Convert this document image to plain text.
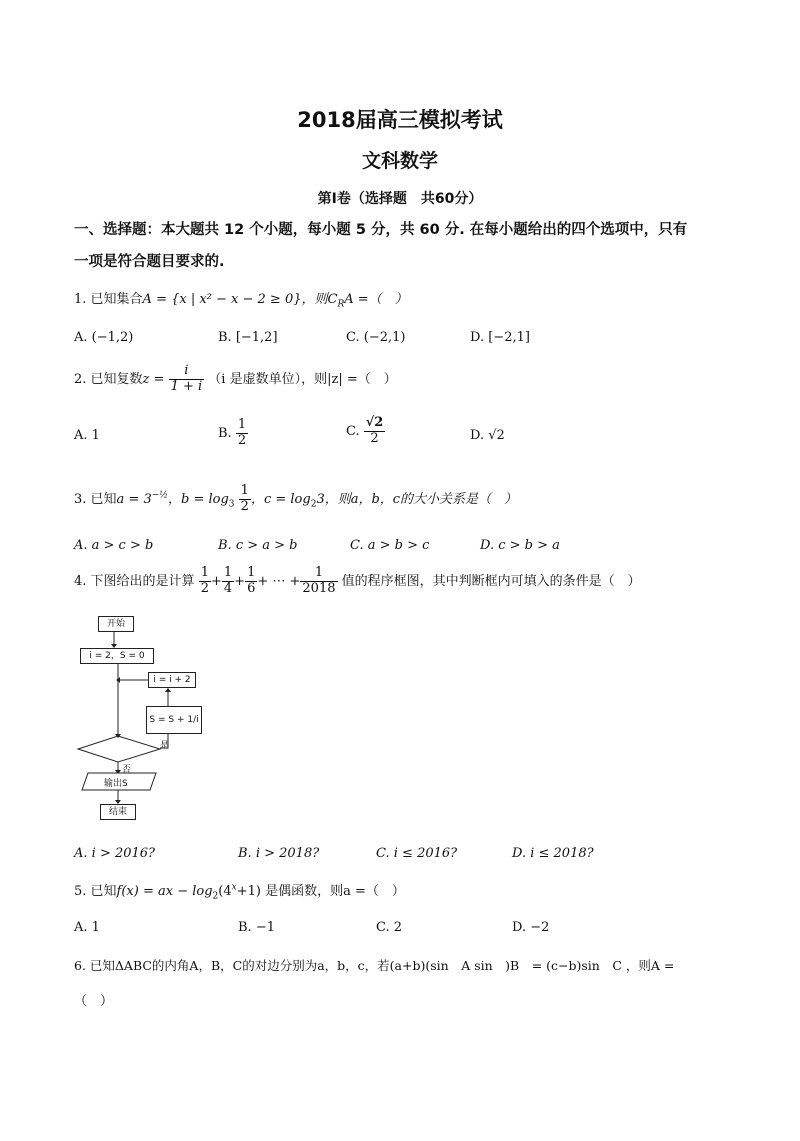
2018届高三模拟考试
文科数学
第Ⅰ卷（选择题　共60分）
一、选择题：本大题共 12 个小题，每小题 5 分，共 60 分. 在每小题给出的四个选项中，只有
一项是符合题目要求的.
1. 已知集合A = {x | x² − x − 2 ≥ 0}，则$C_RA$ =（　）
A. (−1,2)	B. [−1,2]	C. (−2,1)	D. [−2,1]
2. 已知复数$z = \frac{i}{1 + i} (i$ 是虚数单位），则|z| =（　）
A. 1	B. $\frac{1}{2}$	C. $\frac{√2}{2}$	D. √2
3. 已知$a = 3^{-\frac{1}{2}}$，$b = \log_3 \frac{1}{2}$ ，$c = \log_23$，则a，b，c的大小关系是（　）
A. a > c > b	B. c > a > b	C. a > b > c	D. c > b > a
4. 下图给出的是计算 $\frac{1}{2} + \frac{1}{4} + \frac{1}{6}$ + ⋯ + $\frac{1}{2018}$ 值的程序框图，其中判断框内可填入的条件是（　）
开始
i = 2，S = 0
i = i + 2
S = S + 1/i
是
否
输出S
结束
A. i > 2016?	B. i > 2018?	C. i ≤ 2016?	D. i ≤ 2018?
5. 已知f(x) = ax − $\log_2(4^x+1)$ 是偶函数，则a =（　）
A. 1	B. −1	C. 2	D. −2
6. 已知ΔABC的内角A，B，C的对边分别为a，b，c，若(a+b)(sin　A sin　)B　= (c−b)sin　C ，则A =
（　）
